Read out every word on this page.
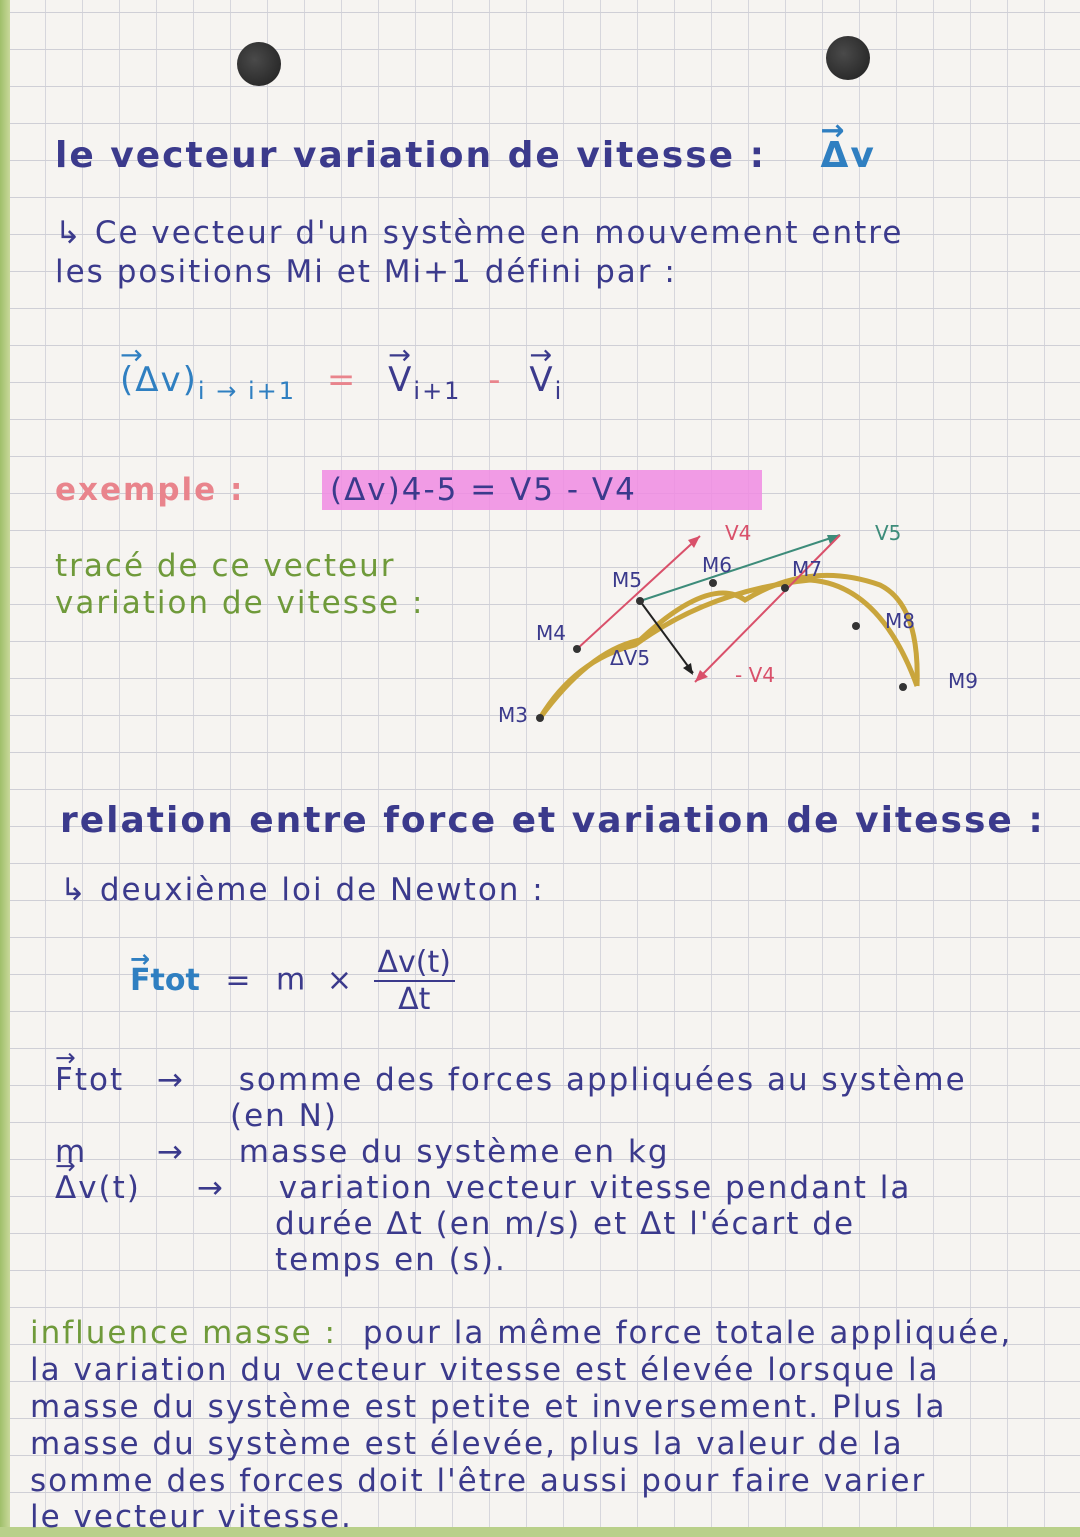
le vecteur variation de vitesse : → Δv
↳ Ce vecteur d'un système en mouvement entre
les positions Mi et Mi+1 défini par :
→ $(\Delta v)_{i \to i+1}$ = → $V_{i+1}$ - → $V_i$
exemple :	(Δv)4-5 = V5 - V4
tracé de ce vecteur
variation de vitesse :
M3
M4
M5
M6	M7
M8
M9
ΔV5
V4	V5
- V4
relation entre force et variation de vitesse :
↳ deuxième loi de Newton :
→ Ftot = $m \times \frac{\Delta v(t)}{\Delta t}$
→ Ftot → somme des forces appliquées au système
(en N)
m → masse du système en kg
→ Δv(t) → variation vecteur vitesse pendant la
durée Δt (en m/s) et Δt l'écart de
temps en (s).
influence masse : pour la même force totale appliquée,
la variation du vecteur vitesse est élevée lorsque la
masse du système est petite et inversement. Plus la
masse du système est élevée, plus la valeur de la
somme des forces doit l'être aussi pour faire varier
le vecteur vitesse.
